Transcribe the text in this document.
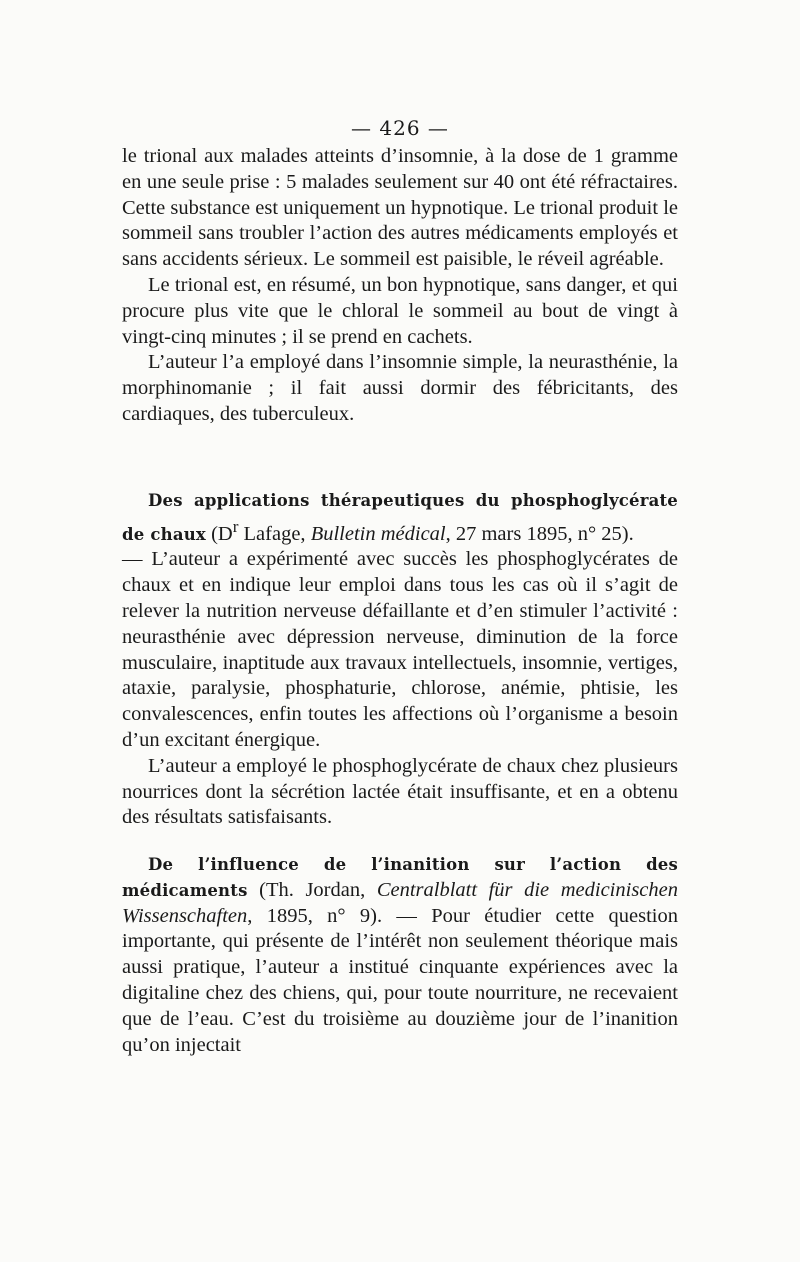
— 426 —

le trional aux malades atteints d’insomnie, à la dose de 1 gramme en une seule prise : 5 malades seulement sur 40 ont été réfractaires. Cette substance est uniquement un hypnotique. Le trional produit le sommeil sans troubler l’action des autres médicaments employés et sans accidents sérieux. Le sommeil est paisible, le réveil agréable.

Le trional est, en résumé, un bon hypnotique, sans danger, et qui procure plus vite que le chloral le sommeil au bout de vingt à vingt-cinq minutes ; il se prend en cachets.

L’auteur l’a employé dans l’insomnie simple, la neurasthénie, la morphinomanie ; il fait aussi dormir des fébricitants, des cardiaques, des tuberculeux.

Des applications thérapeutiques du phosphoglycérate de chaux ($D^r$ Lafage, Bulletin médical, 27 mars 1895, n° 25).

— L’auteur a expérimenté avec succès les phosphoglycérates de chaux et en indique leur emploi dans tous les cas où il s’agit de relever la nutrition nerveuse défaillante et d’en stimuler l’activité : neurasthénie avec dépression nerveuse, diminution de la force musculaire, inaptitude aux travaux intellectuels, insomnie, vertiges, ataxie, paralysie, phosphaturie, chlorose, anémie, phtisie, les convalescences, enfin toutes les affections où l’organisme a besoin d’un excitant énergique.

L’auteur a employé le phosphoglycérate de chaux chez plusieurs nourrices dont la sécrétion lactée était insuffisante, et en a obtenu des résultats satisfaisants.

De l’influence de l’inanition sur l’action des médicaments (Th. Jordan, Centralblatt für die medicinischen Wissenschaften, 1895, n° 9). — Pour étudier cette question importante, qui présente de l’intérêt non seulement théorique mais aussi pratique, l’auteur a institué cinquante expériences avec la digitaline chez des chiens, qui, pour toute nourriture, ne recevaient que de l’eau. C’est du troisième au douzième jour de l’inanition qu’on injectait
